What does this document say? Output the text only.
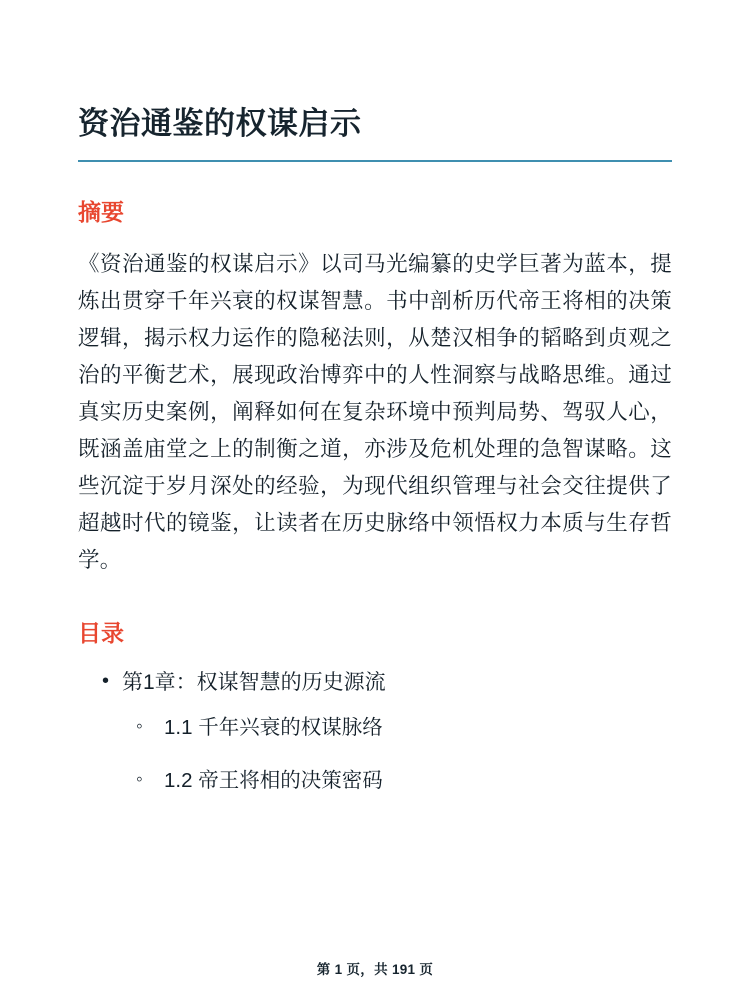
资治通鉴的权谋启示
摘要

《资治通鉴的权谋启示》以司马光编纂的史学巨著为蓝本，提炼出贯穿千年兴衰的权谋智慧。书中剖析历代帝王将相的决策逻辑，揭示权力运作的隐秘法则，从楚汉相争的韬略到贞观之治的平衡艺术，展现政治博弈中的人性洞察与战略思维。通过真实历史案例，阐释如何在复杂环境中预判局势、驾驭人心，既涵盖庙堂之上的制衡之道，亦涉及危机处理的急智谋略。这些沉淀于岁月深处的经验，为现代组织管理与社会交往提供了超越时代的镜鉴，让读者在历史脉络中领悟权力本质与生存哲学。

目录
• 第1章：权谋智慧的历史源流
◦ 1.1 千年兴衰的权谋脉络
◦ 1.2 帝王将相的决策密码
第 1 页，共 191 页
